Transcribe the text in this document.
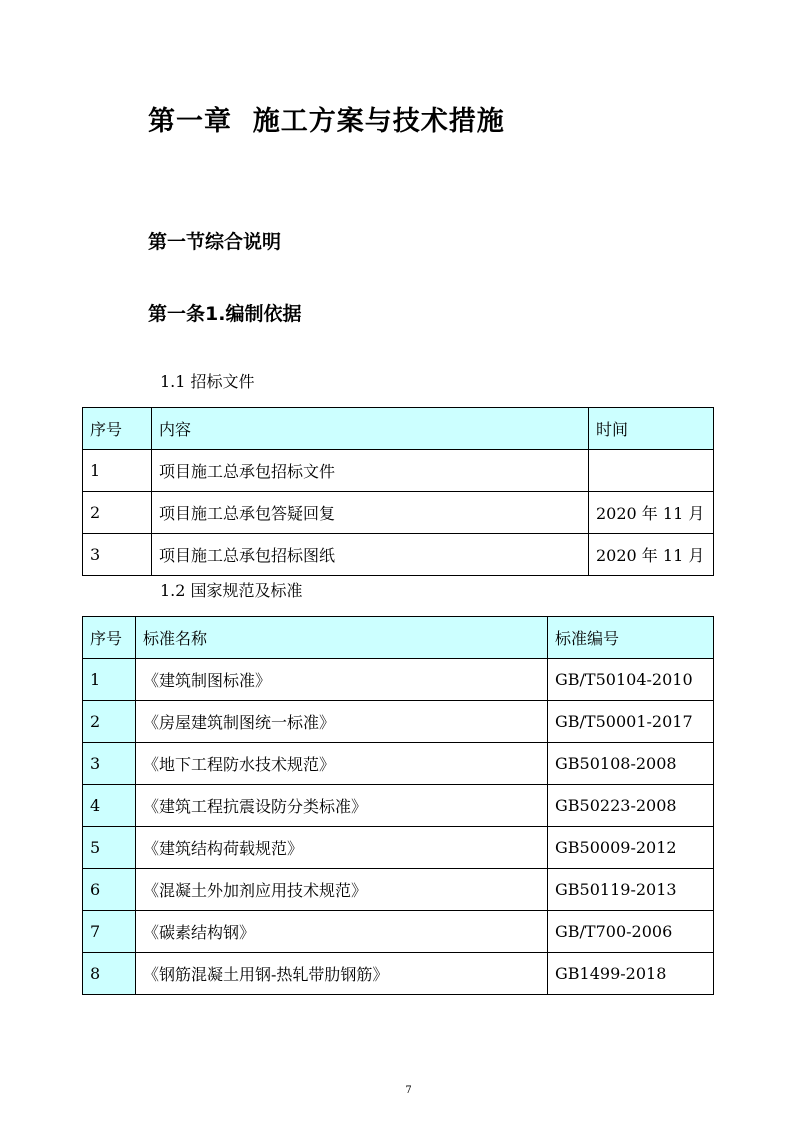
第一章  施工方案与技术措施
第一节综合说明
第一条1.编制依据

1.1 招标文件

序号	内容	时间
1	项目施工总承包招标文件	
2	项目施工总承包答疑回复	2020 年 11 月
3	项目施工总承包招标图纸	2020 年 11 月

1.2 国家规范及标准

序号	标准名称	标准编号
1	《建筑制图标准》	GB/T50104-2010
2	《房屋建筑制图统一标准》	GB/T50001-2017
3	《地下工程防水技术规范》	GB50108-2008
4	《建筑工程抗震设防分类标准》	GB50223-2008
5	《建筑结构荷载规范》	GB50009-2012
6	《混凝土外加剂应用技术规范》	GB50119-2013
7	《碳素结构钢》	GB/T700-2006
8	《钢筋混凝土用钢-热轧带肋钢筋》	GB1499-2018
7
